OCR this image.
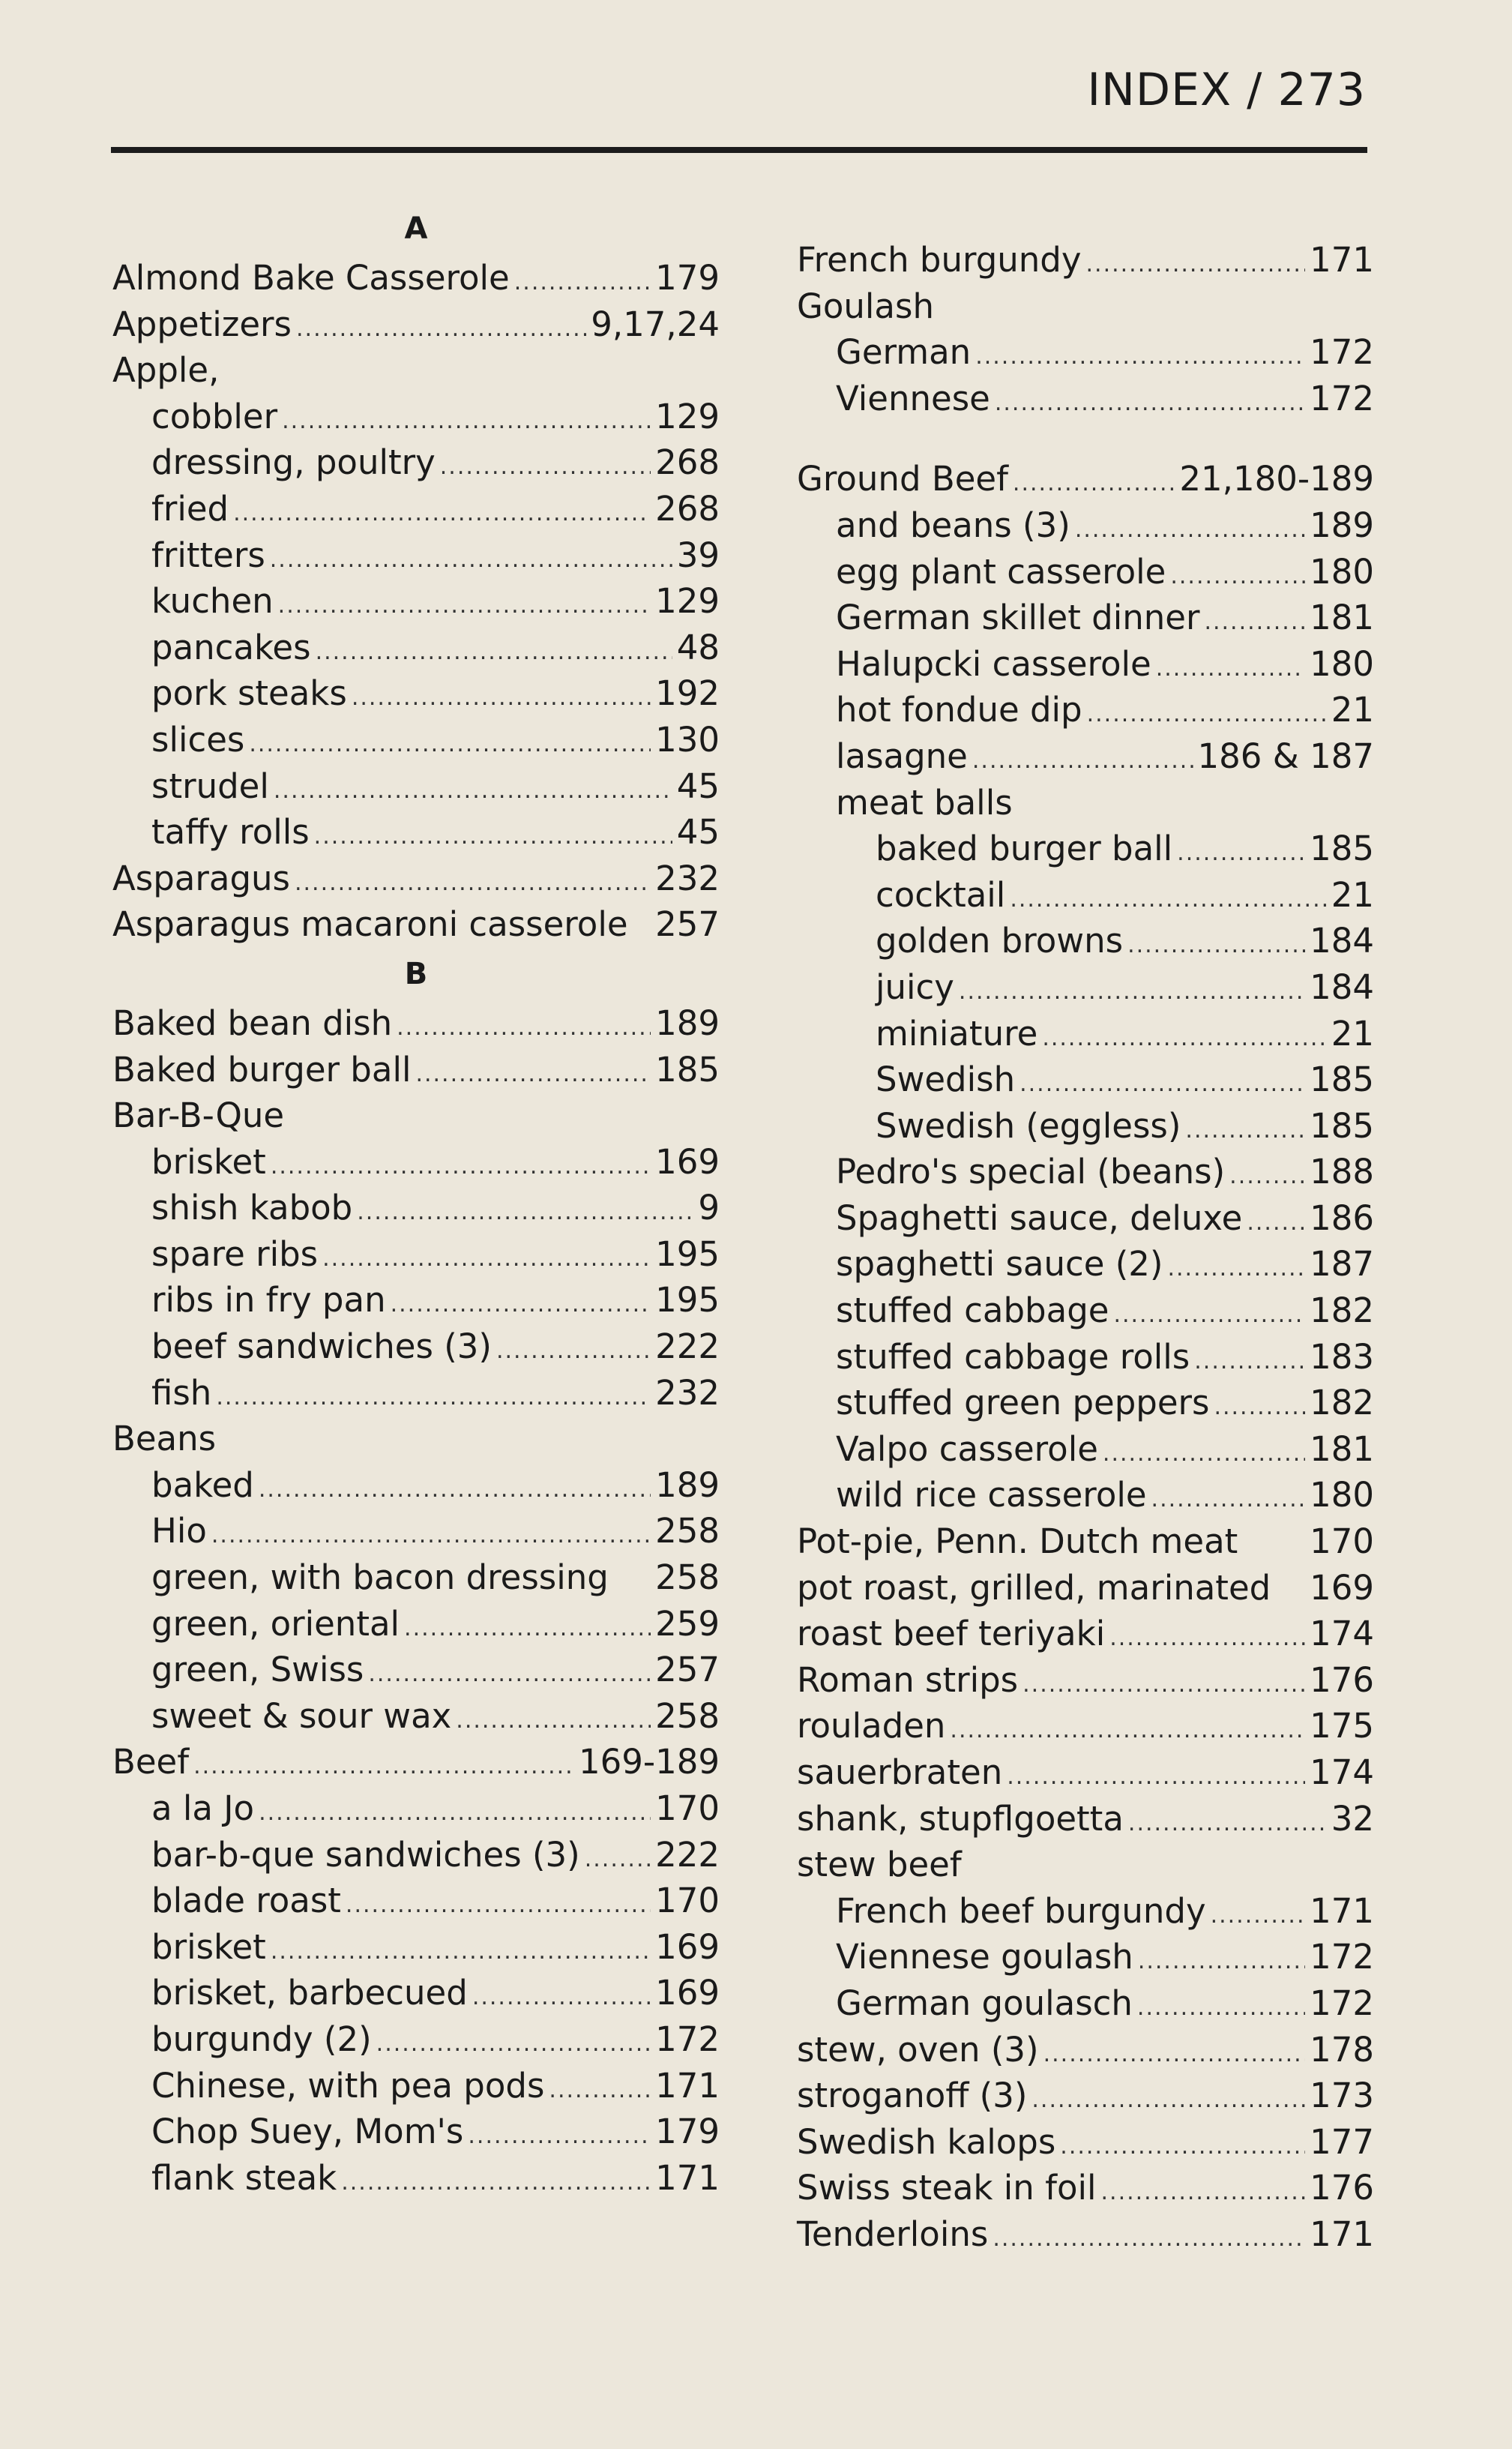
INDEX / 273
A
Almond Bake Casserole .....	179
Appetizers .....	9,17,24
Apple,
cobbler .....	129
dressing, poultry .....	268
fried .....	268
fritters .....	39
kuchen .....	129
pancakes .....	48
pork steaks .....	192
slices .....	130
strudel .....	45
taffy rolls .....	45
Asparagus .....	232
Asparagus macaroni casserole 257
B
Baked bean dish .....	189
Baked burger ball .....	185
Bar-B-Que
brisket .....	169
shish kabob .....	9
spare ribs .....	195
ribs in fry pan .....	195
beef sandwiches (3) .....	222
fish .....	232
Beans
baked .....	189
Hio .....	258
green, with bacon dressing 258
green, oriental .....	259
green, Swiss .....	257
sweet & sour wax .....	258
Beef .....	169-189
a la Jo .....	170
bar-b-que sandwiches (3) ..... 222
blade roast .....	170
brisket .....	169
brisket, barbecued .....	169
burgundy (2) .....	172
Chinese, with pea pods .....	171
Chop Suey, Mom's .....	179
flank steak .....	171
French burgundy .....	171
Goulash
German .....	172
Viennese .....	172
Ground Beef .....	21,180-189
and beans (3) .....	189
egg plant casserole .....	180
German skillet dinner .....	181
Halupcki casserole .....	180
hot fondue dip .....	21
lasagne .....	186 & 187
meat balls
baked burger ball .....	185
cocktail .....	21
golden browns .....	184
juicy .....	184
miniature .....	21
Swedish .....	185
Swedish (eggless) .....	185
Pedro's special (beans) .....	188
Spaghetti sauce, deluxe ..... 186
spaghetti sauce (2) .....	187
stuffed cabbage .....	182
stuffed cabbage rolls .....	183
stuffed green peppers .....	182
Valpo casserole .....	181
wild rice casserole .....	180
Pot-pie, Penn. Dutch meat 170
pot roast, grilled, marinated 169
roast beef teriyaki .....	174
Roman strips .....	176
rouladen .....	175
sauerbraten .....	174
shank, stupflgoetta .....	32
stew beef
French beef burgundy .....	171
Viennese goulash .....	172
German goulasch .....	172
stew, oven (3) .....	178
stroganoff (3) .....	173
Swedish kalops .....	177
Swiss steak in foil .....	176
Tenderloins .....	171
